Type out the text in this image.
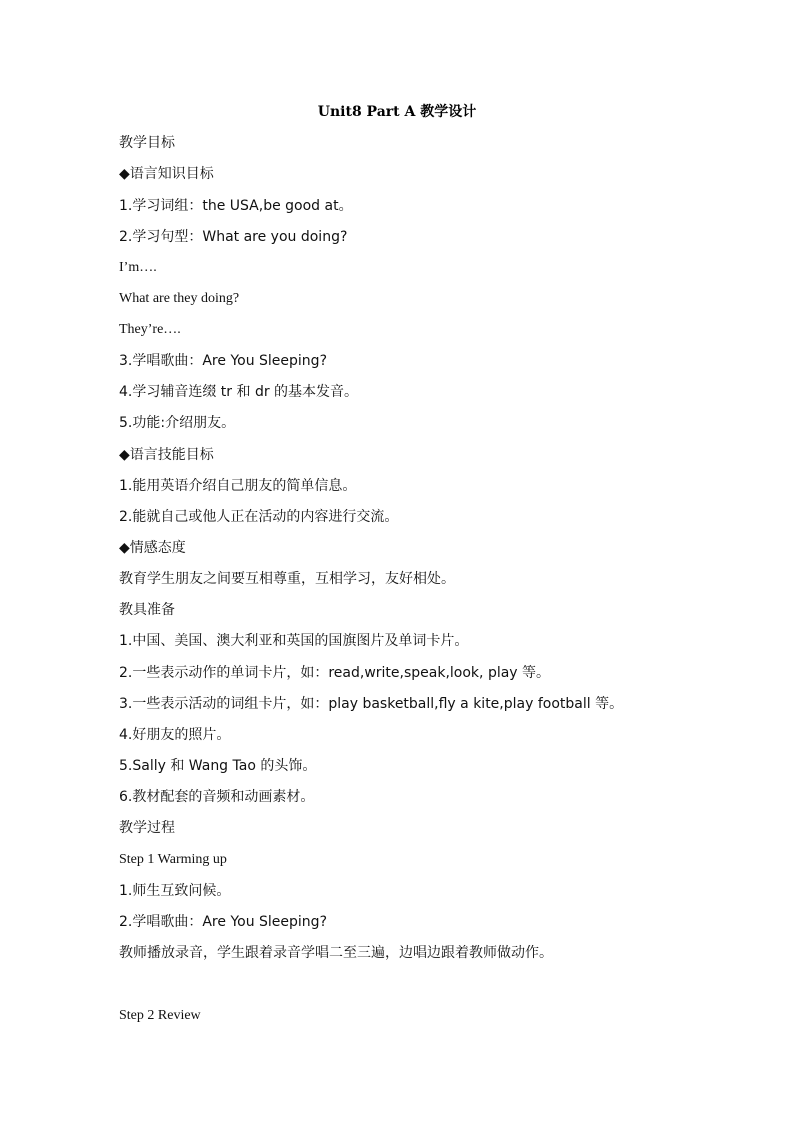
Unit8 Part A 教学设计
教学目标
◆语言知识目标
1.学习词组：the USA,be good at。
2.学习句型：What are you doing?
I’m….
What are they doing?
They’re….
3.学唱歌曲：Are You Sleeping?
4.学习辅音连缀 tr 和 dr 的基本发音。
5.功能:介绍朋友。
◆语言技能目标
1.能用英语介绍自己朋友的简单信息。
2.能就自己或他人正在活动的内容进行交流。
◆情感态度
教育学生朋友之间要互相尊重，互相学习，友好相处。
教具准备
1.中国、美国、澳大利亚和英国的国旗图片及单词卡片。
2.一些表示动作的单词卡片，如：read,write,speak,look, play 等。
3.一些表示活动的词组卡片，如：play basketball,fly a kite,play football 等。
4.好朋友的照片。
5.Sally 和 Wang Tao 的头饰。
6.教材配套的音频和动画素材。
教学过程
Step 1 Warming up
1.师生互致问候。
2.学唱歌曲：Are You Sleeping?
教师播放录音，学生跟着录音学唱二至三遍，边唱边跟着教师做动作。
Step 2 Review
